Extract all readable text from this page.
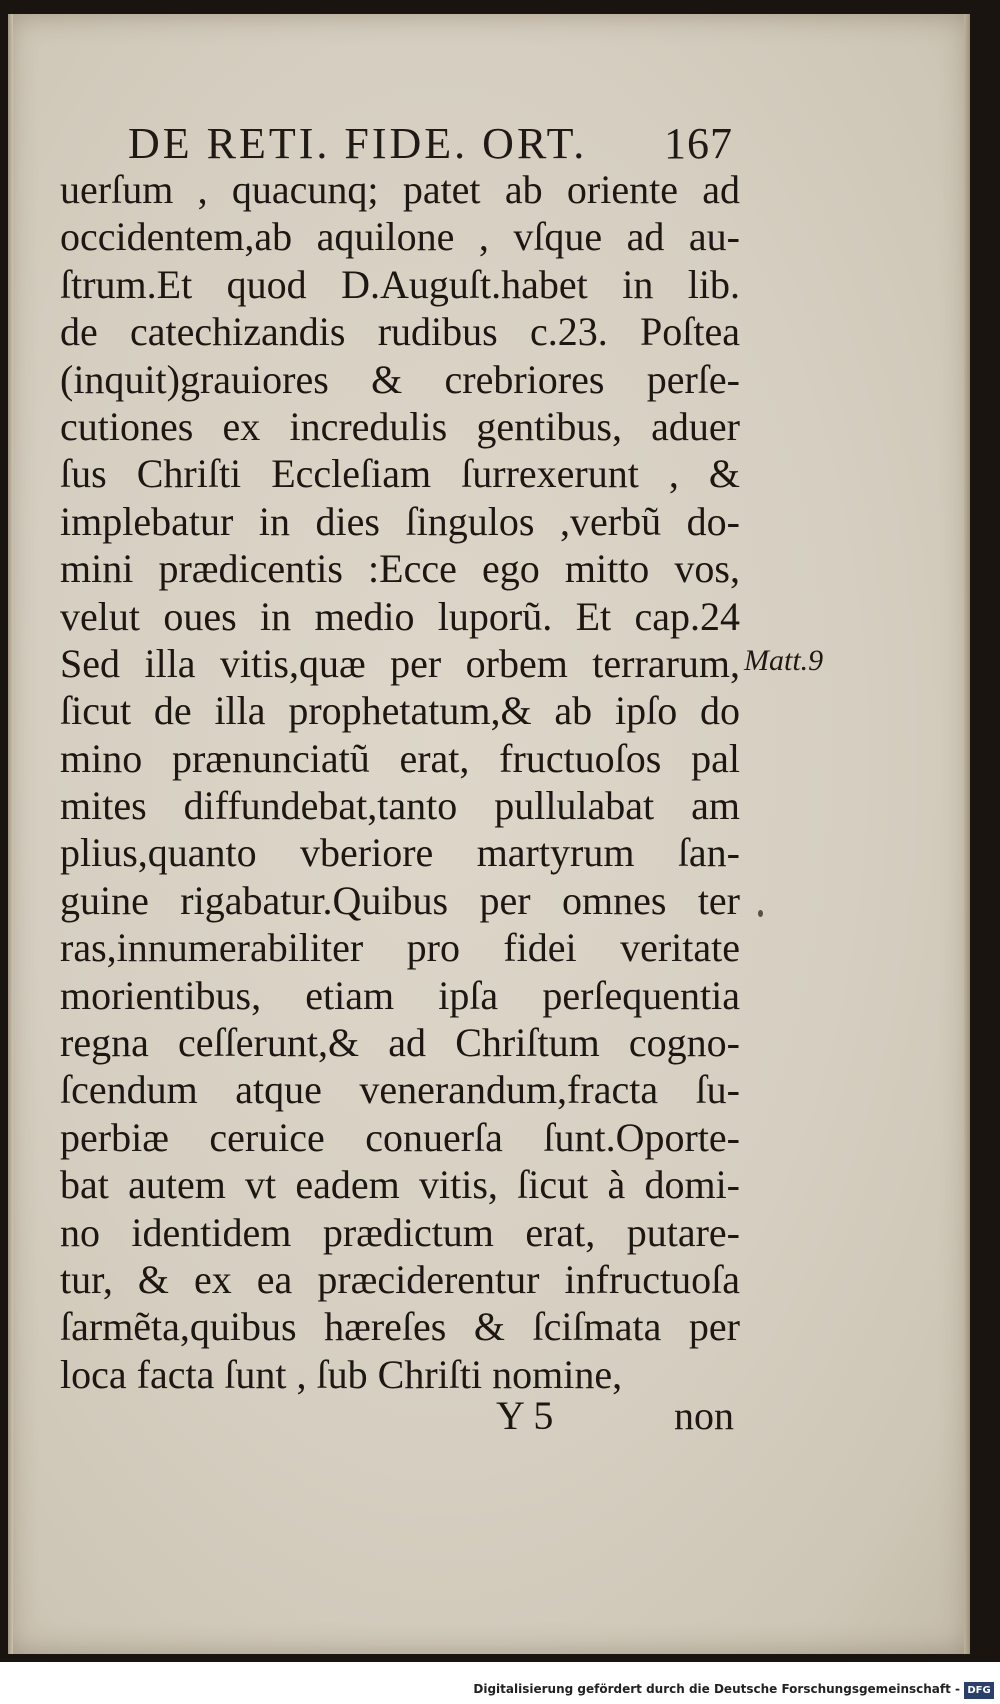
DE RETI. FIDE. ORT. 167
uerſum , quacunq; patet ab oriente ad
occidentem,ab aquilone , vſque ad au-
ſtrum.Et quod D.Auguſt.habet in lib.
de catechizandis rudibus c.23. Poſtea
(inquit)grauiores & crebriores perſe-
cutiones ex incredulis gentibus, aduer
ſus Chriſti Eccleſiam ſurrexerunt , &
implebatur in dies ſingulos ,verbũ do-
mini prædicentis :Ecce ego mitto vos,
velut oues in medio luporũ. Et cap.24
Sed illa vitis,quæ per orbem terrarum,
ſicut de illa prophetatum,& ab ipſo do
mino prænunciatũ erat, fructuoſos pal
mites diffundebat,tanto pullulabat am
plius,quanto vberiore martyrum ſan-
guine rigabatur.Quibus per omnes ter
ras,innumerabiliter pro fidei veritate
morientibus, etiam ipſa perſequentia
regna ceſſerunt,& ad Chriſtum cogno-
ſcendum atque venerandum,fracta ſu-
perbiæ ceruice conuerſa ſunt.Oporte-
bat autem vt eadem vitis, ſicut à domi-
no identidem prædictum erat, putare-
tur, & ex ea præciderentur infructuoſa
ſarmẽta,quibus hæreſes & ſciſmata per
loca facta ſunt , ſub Chriſti nomine,
Matt.9
Y 5	non
Digitalisierung gefördert durch die Deutsche Forschungsgemeinschaft - DFG
